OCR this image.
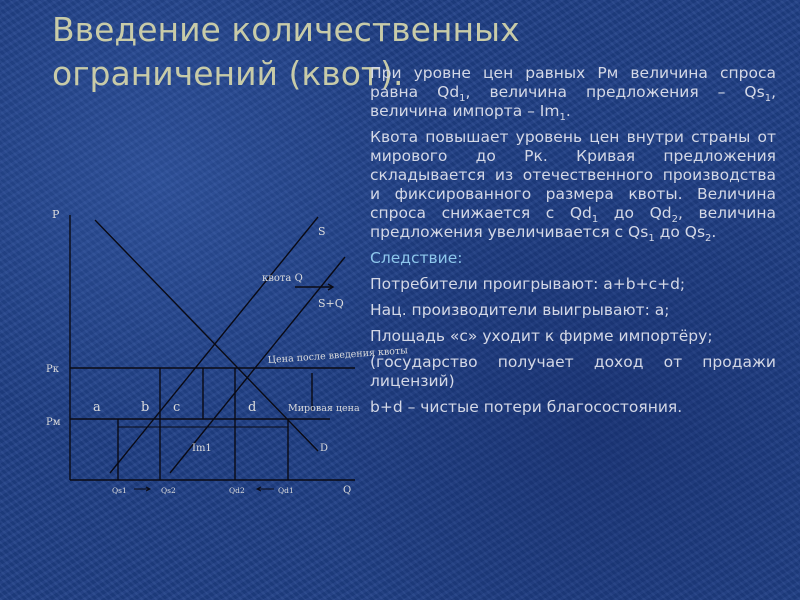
Введение количественных ограничений (квот).
P
Q
Рк
Рм
S
S+Q
квота Q
D
Цена после введения квоты
Мировая цена
Im1
a	b c	d
Qs1	Qs2	Qd2	Qd1

При уровне цен равных Рм величина спроса равна $Qd_1$, величина предложения – $Qs_1$, величина импорта – $Im_1$.

Квота повышает уровень цен внутри страны от мирового до Рк. Кривая предложения складывается из отечественного производства и фиксированного размера квоты. Величина спроса снижается с $Qd_1$ до $Qd_2$, величина предложения увеличивается с $Qs_1$ до $Qs_2$.

Следствие:

Потребители проигрывают: a+b+c+d;

Нац. производители выигрывают: а;

Площадь «с» уходит к фирме импортёру;

(государство получает доход от продажи лицензий)

b+d – чистые потери благосостояния.
